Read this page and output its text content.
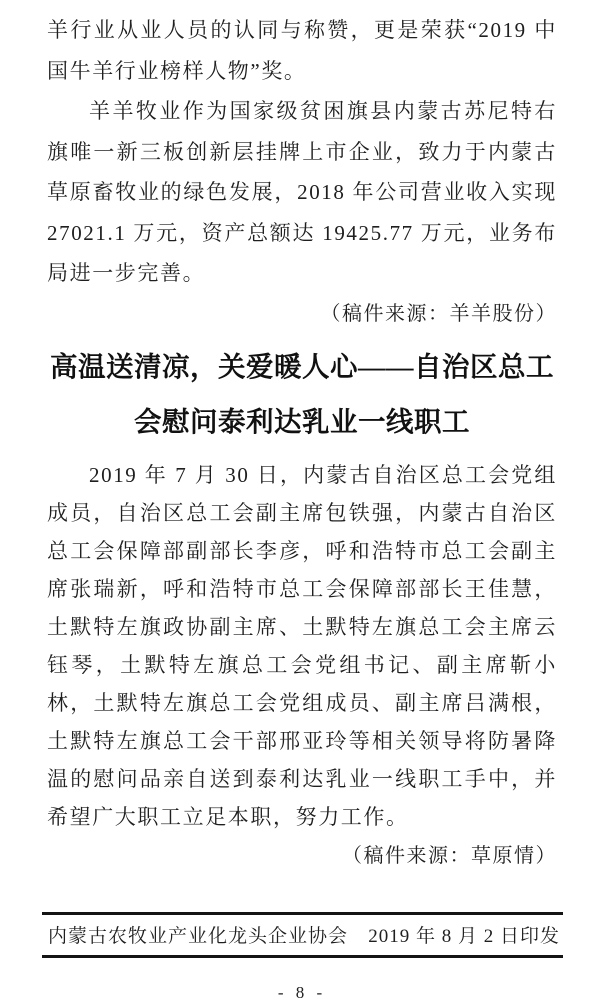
羊行业从业人员的认同与称赞，更是荣获“2019 中国牛羊行业榜样人物”奖。

羊羊牧业作为国家级贫困旗县内蒙古苏尼特右旗唯一新三板创新层挂牌上市企业，致力于内蒙古草原畜牧业的绿色发展，2018 年公司营业收入实现 27021.1 万元，资产总额达 19425.77 万元，业务布局进一步完善。

（稿件来源：羊羊股份）

高温送清凉，关爱暖人心——自治区总工会慰问泰利达乳业一线职工

2019 年 7 月 30 日，内蒙古自治区总工会党组成员，自治区总工会副主席包铁强，内蒙古自治区总工会保障部副部长李彦，呼和浩特市总工会副主席张瑞新，呼和浩特市总工会保障部部长王佳慧，土默特左旗政协副主席、土默特左旗总工会主席云钰琴，土默特左旗总工会党组书记、副主席靳小林，土默特左旗总工会党组成员、副主席吕满根，土默特左旗总工会干部邢亚玲等相关领导将防暑降温的慰问品亲自送到泰利达乳业一线职工手中，并希望广大职工立足本职，努力工作。

（稿件来源：草原情）

内蒙古农牧业产业化龙头企业协会 2019 年 8 月 2 日印发
- 8 -
